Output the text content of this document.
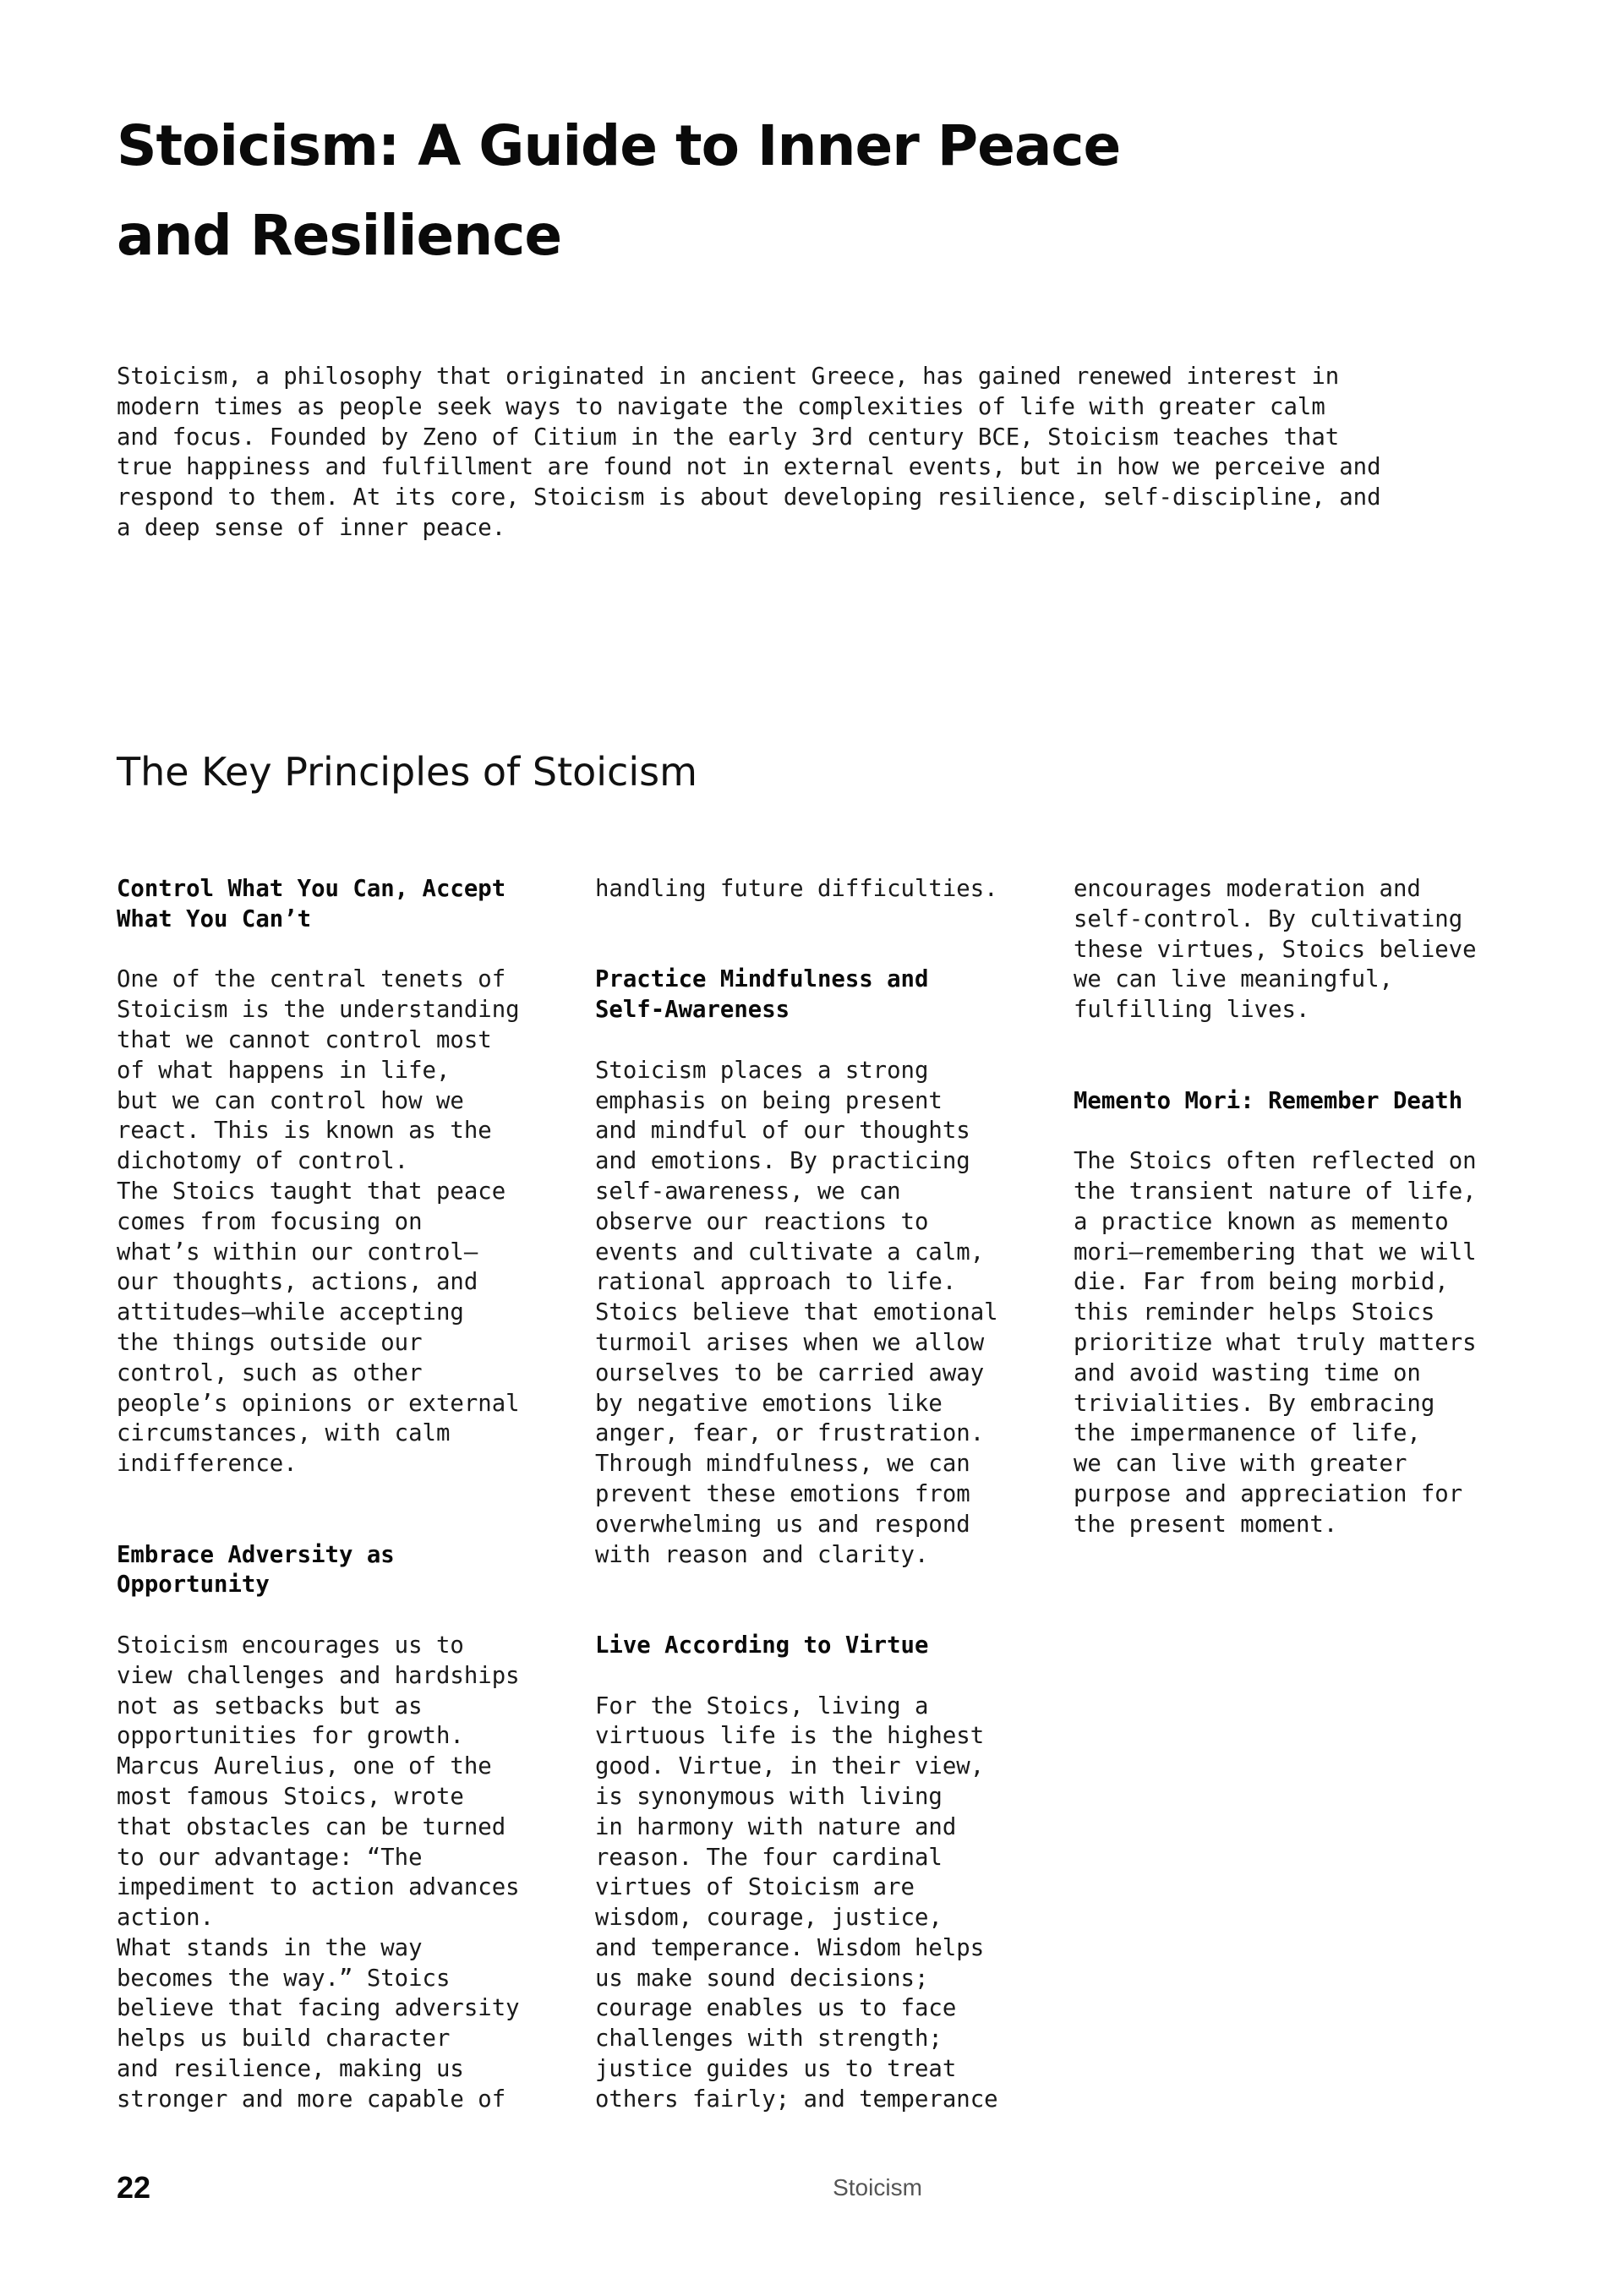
Stoicism: A Guide to Inner Peace
and Resilience

Stoicism, a philosophy that originated in ancient Greece, has gained renewed interest in
modern times as people seek ways to navigate the complexities of life with greater calm
and focus. Founded by Zeno of Citium in the early 3rd century BCE, Stoicism teaches that
true happiness and fulfillment are found not in external events, but in how we perceive and
respond to them. At its core, Stoicism is about developing resilience, self-discipline, and
a deep sense of inner peace.

The Key Principles of Stoicism

Control What You Can, Accept
What You Can’t

One of the central tenets of
Stoicism is the understanding
that we cannot control most
of what happens in life,
but we can control how we
react. This is known as the
dichotomy of control.
The Stoics taught that peace
comes from focusing on
what’s within our control—
our thoughts, actions, and
attitudes—while accepting
the things outside our
control, such as other
people’s opinions or external
circumstances, with calm
indifference.

Embrace Adversity as
Opportunity

Stoicism encourages us to
view challenges and hardships
not as setbacks but as
opportunities for growth.
Marcus Aurelius, one of the
most famous Stoics, wrote
that obstacles can be turned
to our advantage: “The
impediment to action advances
action.
What stands in the way
becomes the way.” Stoics
believe that facing adversity
helps us build character
and resilience, making us
stronger and more capable of

handling future difficulties.

Practice Mindfulness and
Self-Awareness

Stoicism places a strong
emphasis on being present
and mindful of our thoughts
and emotions. By practicing
self-awareness, we can
observe our reactions to
events and cultivate a calm,
rational approach to life.
Stoics believe that emotional
turmoil arises when we allow
ourselves to be carried away
by negative emotions like
anger, fear, or frustration.
Through mindfulness, we can
prevent these emotions from
overwhelming us and respond
with reason and clarity.

Live According to Virtue

For the Stoics, living a
virtuous life is the highest
good. Virtue, in their view,
is synonymous with living
in harmony with nature and
reason. The four cardinal
virtues of Stoicism are
wisdom, courage, justice,
and temperance. Wisdom helps
us make sound decisions;
courage enables us to face
challenges with strength;
justice guides us to treat
others fairly; and temperance

encourages moderation and
self-control. By cultivating
these virtues, Stoics believe
we can live meaningful,
fulfilling lives.

Memento Mori: Remember Death

The Stoics often reflected on
the transient nature of life,
a practice known as memento
mori—remembering that we will
die. Far from being morbid,
this reminder helps Stoics
prioritize what truly matters
and avoid wasting time on
trivialities. By embracing
the impermanence of life,
we can live with greater
purpose and appreciation for
the present moment.

22	Stoicism
